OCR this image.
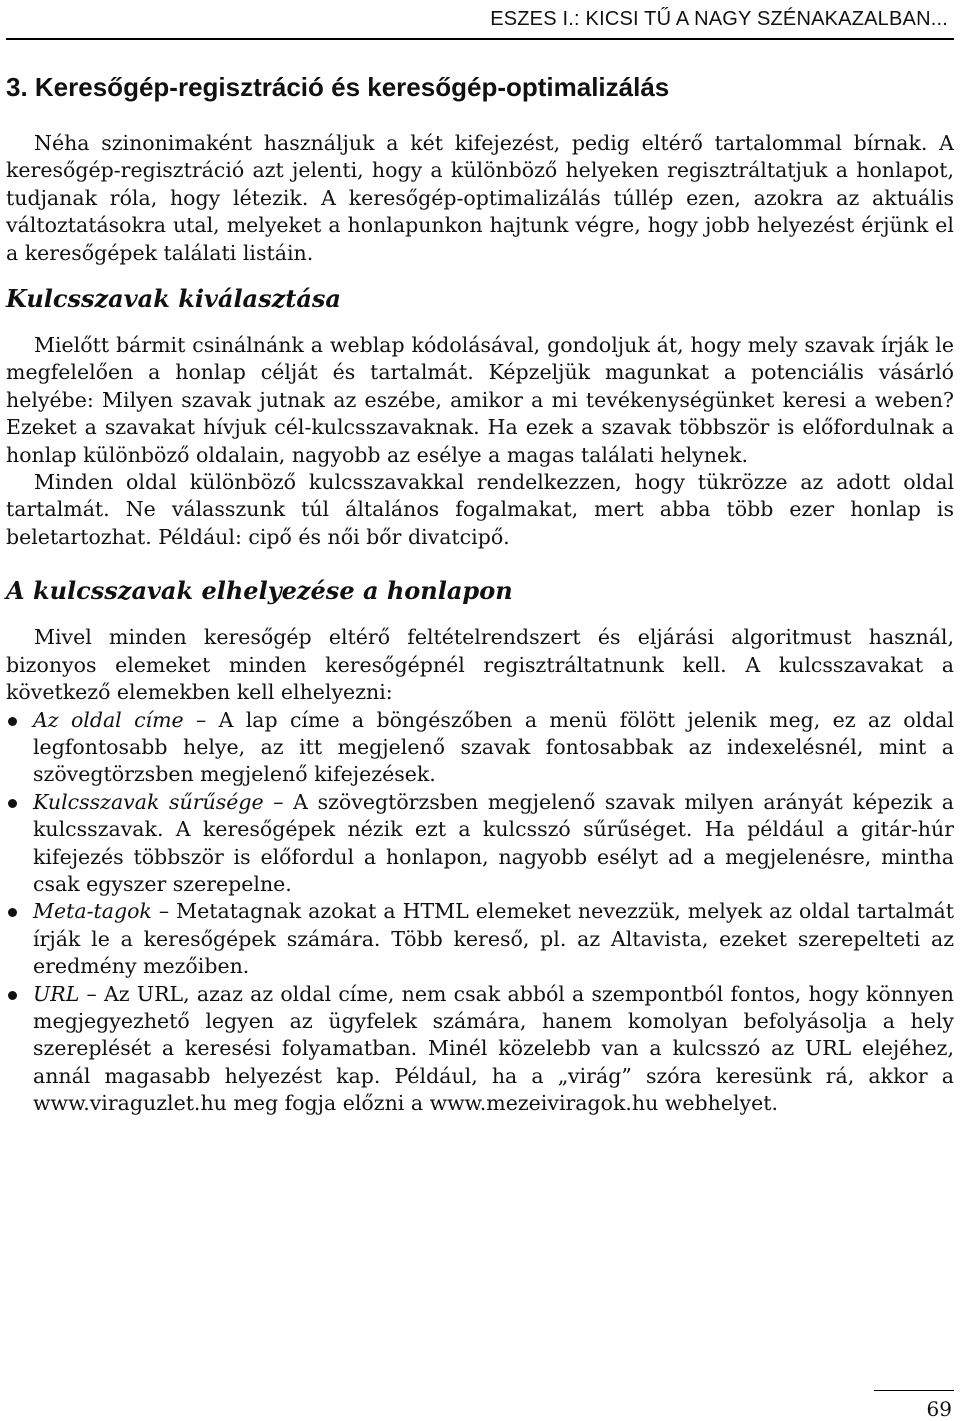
ESZES I.: KICSI TŰ A NAGY SZÉNAKAZALBAN...
3. Keresőgép-regisztráció és keresőgép-optimalizálás

Néha szinonimaként használjuk a két kifejezést, pedig eltérő tartalommal bírnak. A keresőgép-regisztráció azt jelenti, hogy a különböző helyeken regisztráltatjuk a honlapot, tudjanak róla, hogy létezik. A keresőgép-optimalizálás túllép ezen, azokra az aktuális változtatásokra utal, melyeket a honlapunkon hajtunk végre, hogy jobb helyezést érjünk el a keresőgépek találati listáin.

Kulcsszavak kiválasztása

Mielőtt bármit csinálnánk a weblap kódolásával, gondoljuk át, hogy mely szavak írják le megfelelően a honlap célját és tartalmát. Képzeljük magunkat a potenciális vásárló helyébe: Milyen szavak jutnak az eszébe, amikor a mi tevékenységünket keresi a weben? Ezeket a szavakat hívjuk cél-kulcsszavaknak. Ha ezek a szavak többször is előfordulnak a honlap különböző oldalain, nagyobb az esélye a magas találati helynek.

Minden oldal különböző kulcsszavakkal rendelkezzen, hogy tükrözze az adott oldal tartalmát. Ne válasszunk túl általános fogalmakat, mert abba több ezer honlap is beletartozhat. Például: cipő és női bőr divatcipő.

A kulcsszavak elhelyezése a honlapon

Mivel minden keresőgép eltérő feltételrendszert és eljárási algoritmust használ, bizonyos elemeket minden keresőgépnél regisztráltatnunk kell. A kulcsszavakat a következő elemekben kell elhelyezni:

Az oldal címe – A lap címe a böngészőben a menü fölött jelenik meg, ez az oldal legfontosabb helye, az itt megjelenő szavak fontosabbak az indexelésnél, mint a szövegtörzsben megjelenő kifejezések.
Kulcsszavak sűrűsége – A szövegtörzsben megjelenő szavak milyen arányát képezik a kulcsszavak. A keresőgépek nézik ezt a kulcsszó sűrűséget. Ha például a gitár-húr kifejezés többször is előfordul a honlapon, nagyobb esélyt ad a megjelenésre, mintha csak egyszer szerepelne.
Meta-tagok – Metatagnak azokat a HTML elemeket nevezzük, melyek az oldal tartalmát írják le a keresőgépek számára. Több kereső, pl. az Altavista, ezeket szerepelteti az eredmény mezőiben.
URL – Az URL, azaz az oldal címe, nem csak abból a szempontból fontos, hogy könnyen megjegyezhető legyen az ügyfelek számára, hanem komolyan befolyásolja a hely szereplését a keresési folyamatban. Minél közelebb van a kulcsszó az URL elejéhez, annál magasabb helyezést kap. Például, ha a „virág” szóra keresünk rá, akkor a www.viraguzlet.hu meg fogja előzni a www.mezeiviragok.hu webhelyet.
69
